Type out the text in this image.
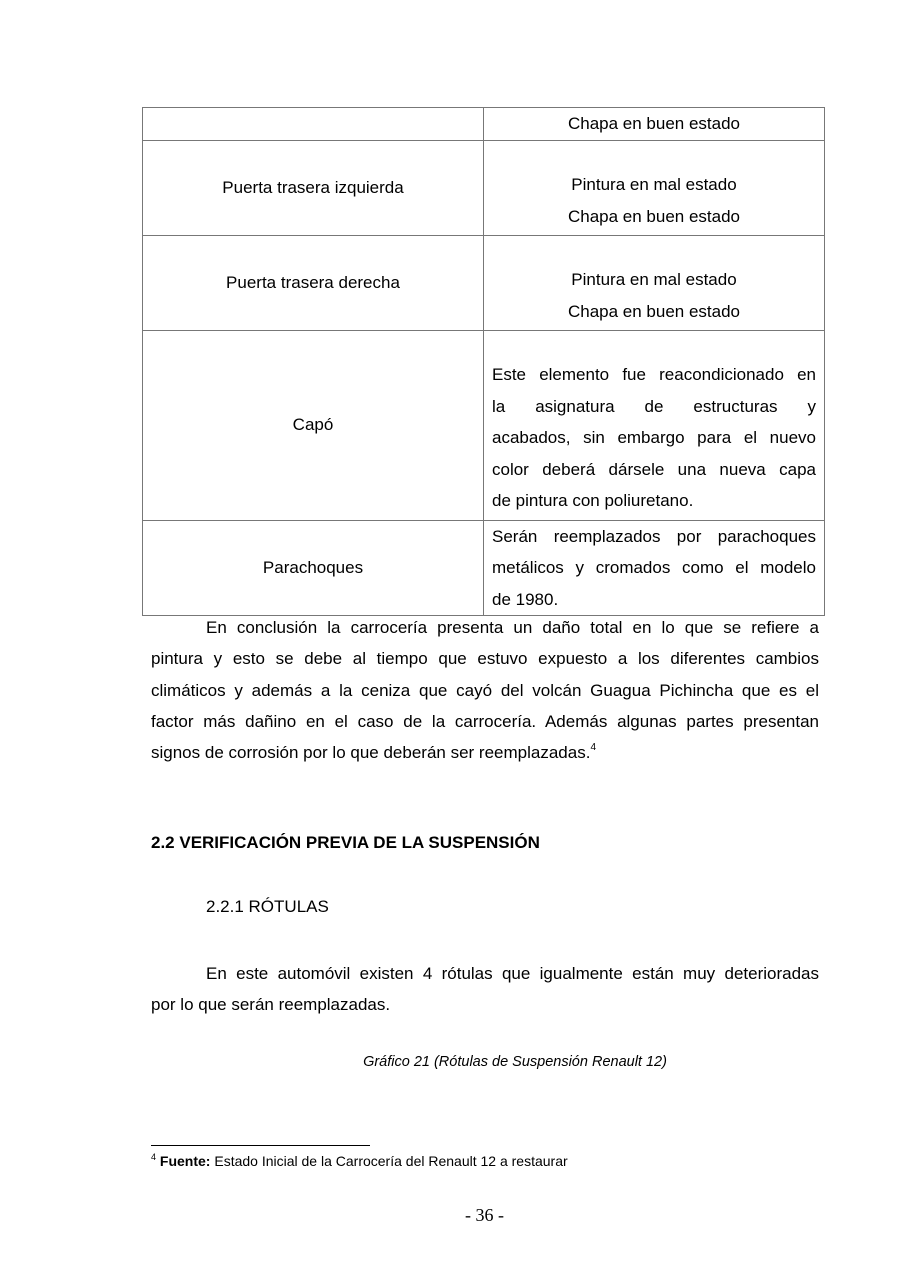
	Chapa en buen estado

Puerta trasera izquierda	Pintura en mal estado
Chapa en buen estado

Puerta trasera derecha	Pintura en mal estado
Chapa en buen estado

Capó	Este elemento fue reacondicionado en
la asignatura de estructuras y
acabados, sin embargo para el nuevo
color deberá dársele una nueva capa
de pintura con poliuretano.

Parachoques	Serán reemplazados por parachoques
metálicos y cromados como el modelo
de 1980.
En conclusión la carrocería presenta un daño total en lo que se refiere a
pintura y esto se debe al tiempo que estuvo expuesto a los diferentes cambios
climáticos y además a la ceniza que cayó del volcán Guagua Pichincha que es el
factor más dañino en el caso de la carrocería. Además algunas partes presentan
signos de corrosión por lo que deberán ser reemplazadas.$^4$
2.2 VERIFICACIÓN PREVIA DE LA SUSPENSIÓN
2.2.1 RÓTULAS
En este automóvil existen 4 rótulas que igualmente están muy deterioradas
por lo que serán reemplazadas.
Gráfico 21 (Rótulas de Suspensión Renault 12)
$^4$ Fuente: Estado Inicial de la Carrocería del Renault 12 a restaurar
- 36 -
